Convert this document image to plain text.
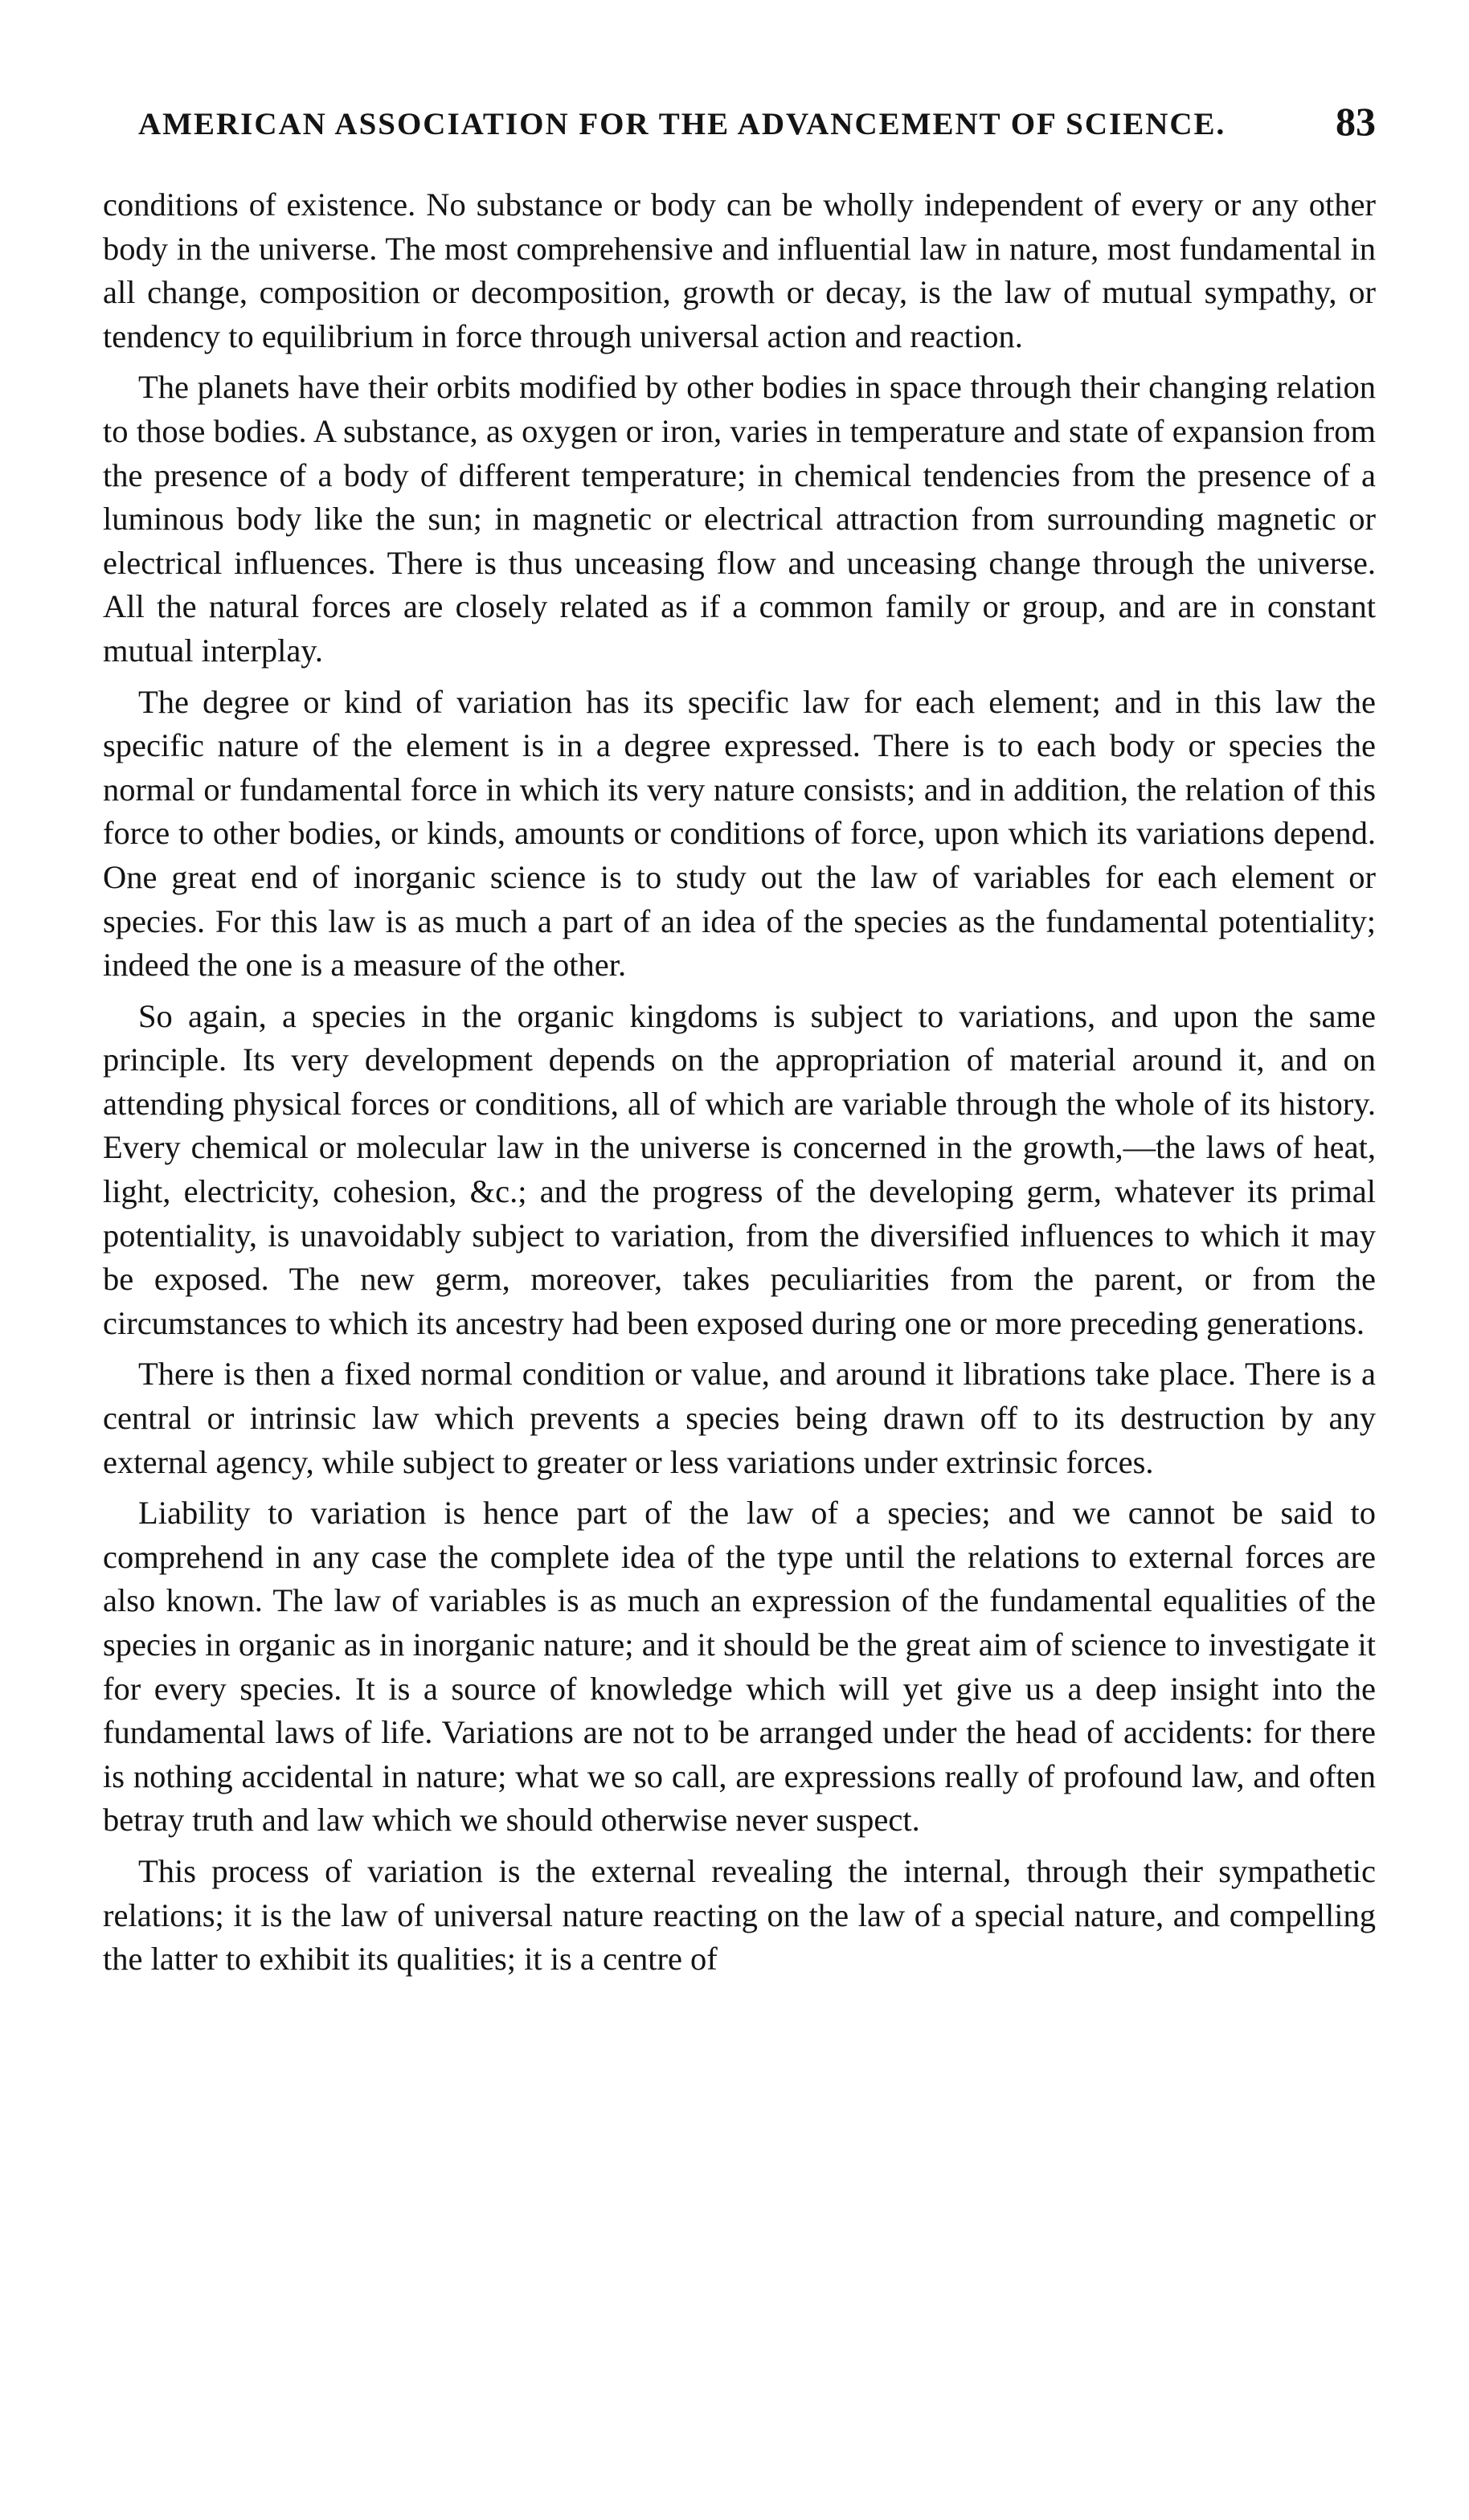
AMERICAN ASSOCIATION FOR THE ADVANCEMENT OF SCIENCE.	83

conditions of existence. No substance or body can be wholly independent of every or any other body in the universe. The most comprehensive and influential law in nature, most fundamental in all change, composition or decomposition, growth or decay, is the law of mutual sympathy, or tendency to equilibrium in force through universal action and reaction.

The planets have their orbits modified by other bodies in space through their changing relation to those bodies. A substance, as oxygen or iron, varies in temperature and state of expansion from the presence of a body of different temperature; in chemical tendencies from the presence of a luminous body like the sun; in magnetic or electrical attraction from surrounding magnetic or electrical influences. There is thus unceasing flow and unceasing change through the universe. All the natural forces are closely related as if a common family or group, and are in constant mutual interplay.

The degree or kind of variation has its specific law for each element; and in this law the specific nature of the element is in a degree expressed. There is to each body or species the normal or fundamental force in which its very nature consists; and in addition, the relation of this force to other bodies, or kinds, amounts or conditions of force, upon which its variations depend. One great end of inorganic science is to study out the law of variables for each element or species. For this law is as much a part of an idea of the species as the fundamental potentiality; indeed the one is a measure of the other.

So again, a species in the organic kingdoms is subject to variations, and upon the same principle. Its very development depends on the appropriation of material around it, and on attending physical forces or conditions, all of which are variable through the whole of its history. Every chemical or molecular law in the universe is concerned in the growth,—the laws of heat, light, electricity, cohesion, &c.; and the progress of the developing germ, whatever its primal potentiality, is unavoidably subject to variation, from the diversified influences to which it may be exposed. The new germ, moreover, takes peculiarities from the parent, or from the circumstances to which its ancestry had been exposed during one or more preceding generations.

There is then a fixed normal condition or value, and around it librations take place. There is a central or intrinsic law which prevents a species being drawn off to its destruction by any external agency, while subject to greater or less variations under extrinsic forces.

Liability to variation is hence part of the law of a species; and we cannot be said to comprehend in any case the complete idea of the type until the relations to external forces are also known. The law of variables is as much an expression of the fundamental equalities of the species in organic as in inorganic nature; and it should be the great aim of science to investigate it for every species. It is a source of knowledge which will yet give us a deep insight into the fundamental laws of life. Variations are not to be arranged under the head of accidents: for there is nothing accidental in nature; what we so call, are expressions really of profound law, and often betray truth and law which we should otherwise never suspect.

This process of variation is the external revealing the internal, through their sympathetic relations; it is the law of universal nature reacting on the law of a special nature, and compelling the latter to exhibit its qualities; it is a centre of
